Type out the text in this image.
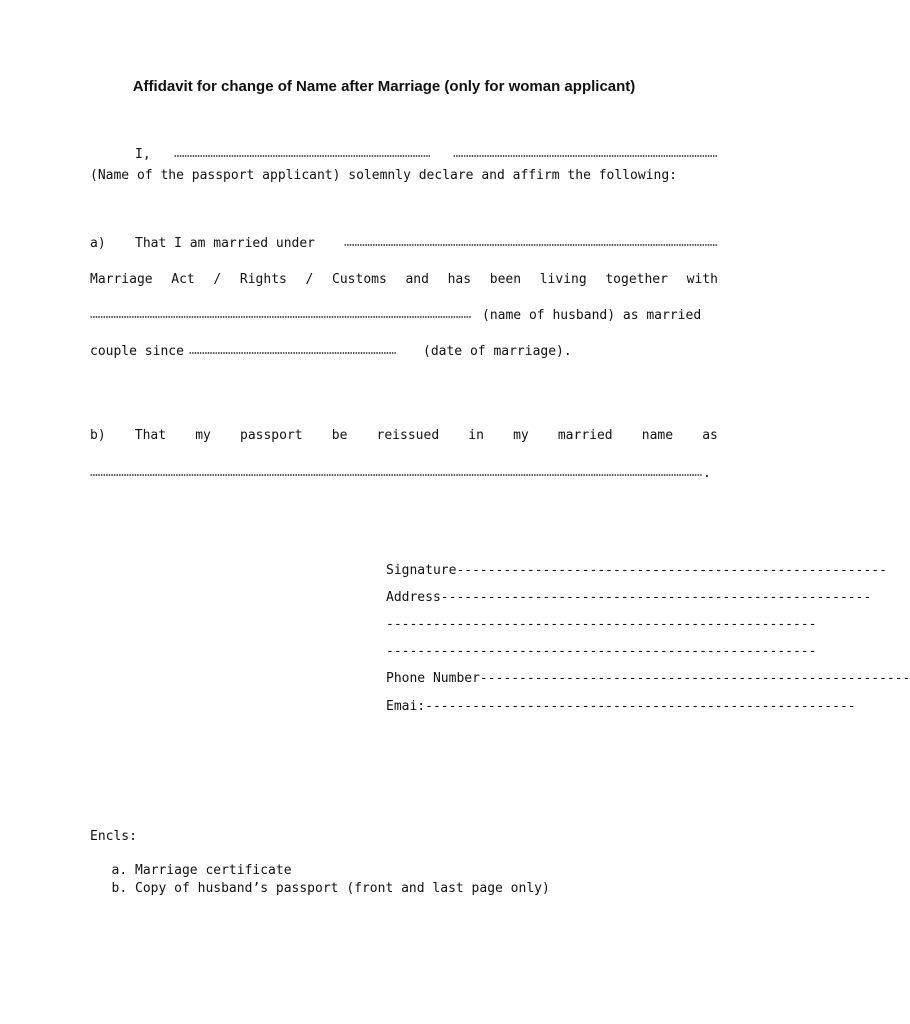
Affidavit for change of Name after Marriage (only for woman applicant)
I,
(Name of the passport applicant) solemnly declare and affirm the following:
a) That I am married under
Marriage Act / Rights / Customs and has been living together with
(name of husband) as married
couple since	(date of marriage).
b) That my passport be reissued in my married name as
.
Signature-------------------------------------------------------
Address-------------------------------------------------------
-------------------------------------------------------
-------------------------------------------------------
Phone Number-------------------------------------------------------
Emai:-------------------------------------------------------
Encls:
a. Marriage certificate
b. Copy of husband’s passport (front and last page only)
